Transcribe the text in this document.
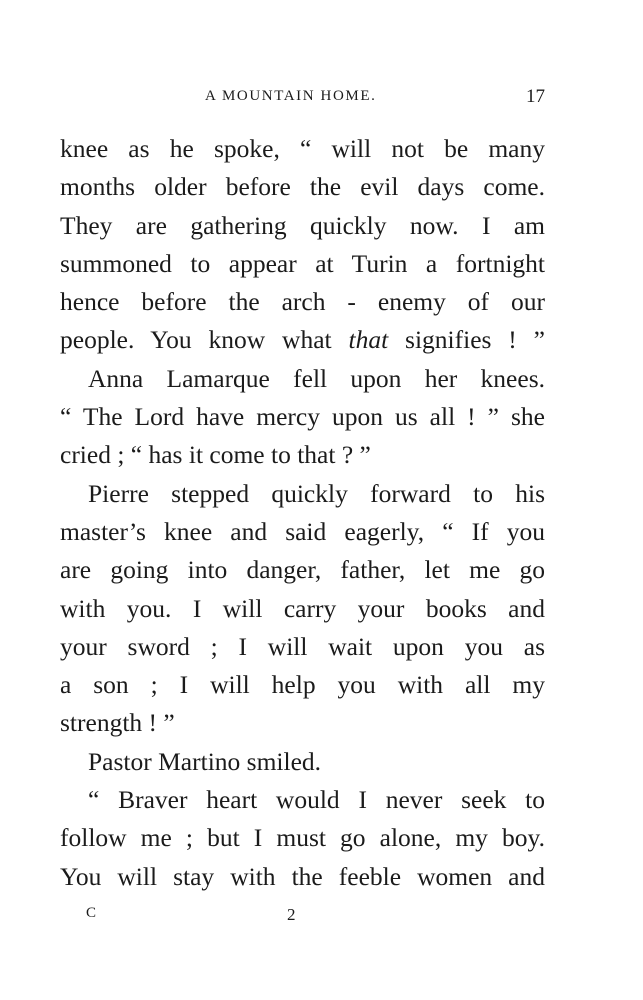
A MOUNTAIN HOME.	17
knee as he spoke, “ will not be many
months older before the evil days come.
They are gathering quickly now. I am
summoned to appear at Turin a fortnight
hence before the arch - enemy of our
people. You know what that signifies ! ”
Anna Lamarque fell upon her knees.
“ The Lord have mercy upon us all ! ” she
cried ; “ has it come to that ? ”
Pierre stepped quickly forward to his
master’s knee and said eagerly, “ If you
are going into danger, father, let me go
with you. I will carry your books and
your sword ; I will wait upon you as
a son ; I will help you with all my
strength ! ”
Pastor Martino smiled.
“ Braver heart would I never seek to
follow me ; but I must go alone, my boy.
You will stay with the feeble women and
C	2
